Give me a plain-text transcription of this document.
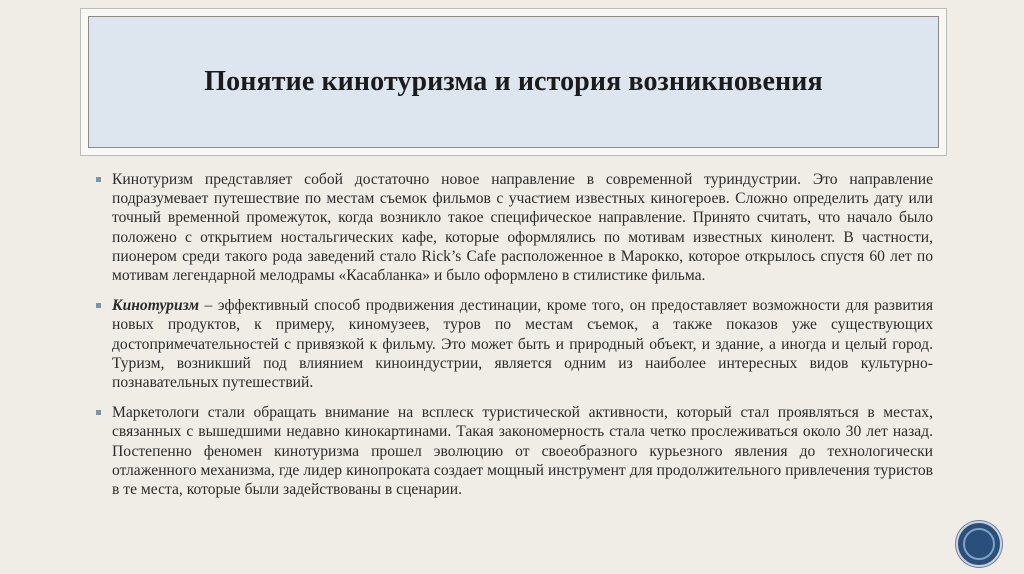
Понятие кинотуризма и история возникновения

Кинотуризм представляет собой достаточно новое направление в современной туриндустрии. Это направление подразумевает путешествие по местам съемок фильмов с участием известных киногероев. Сложно определить дату или точный временной промежуток, когда возникло такое специфическое направление. Принято считать, что начало было положено с открытием ностальгических кафе, которые оформлялись по мотивам известных кинолент. В частности, пионером среди такого рода заведений стало Rick’s Cafe расположенное в Марокко, которое открылось спустя 60 лет по мотивам легендарной мелодрамы «Касабланка» и было оформлено в стилистике фильма.

Кинотуризм – эффективный способ продвижения дестинации, кроме того, он предоставляет возможности для развития новых продуктов, к примеру, киномузеев, туров по местам съемок, а также показов уже существующих достопримечательностей с привязкой к фильму. Это может быть и природный объект, и здание, а иногда и целый город. Туризм, возникший под влиянием киноиндустрии, является одним из наиболее интересных видов культурно-познавательных путешествий.

Маркетологи стали обращать внимание на всплеск туристической активности, который стал проявляться в местах, связанных с вышедшими недавно кинокартинами. Такая закономерность стала четко прослеживаться около 30 лет назад. Постепенно феномен кинотуризма прошел эволюцию от своеобразного курьезного явления до технологически отлаженного механизма, где лидер кинопроката создает мощный инструмент для продолжительного привлечения туристов в те места, которые были задействованы в сценарии.
